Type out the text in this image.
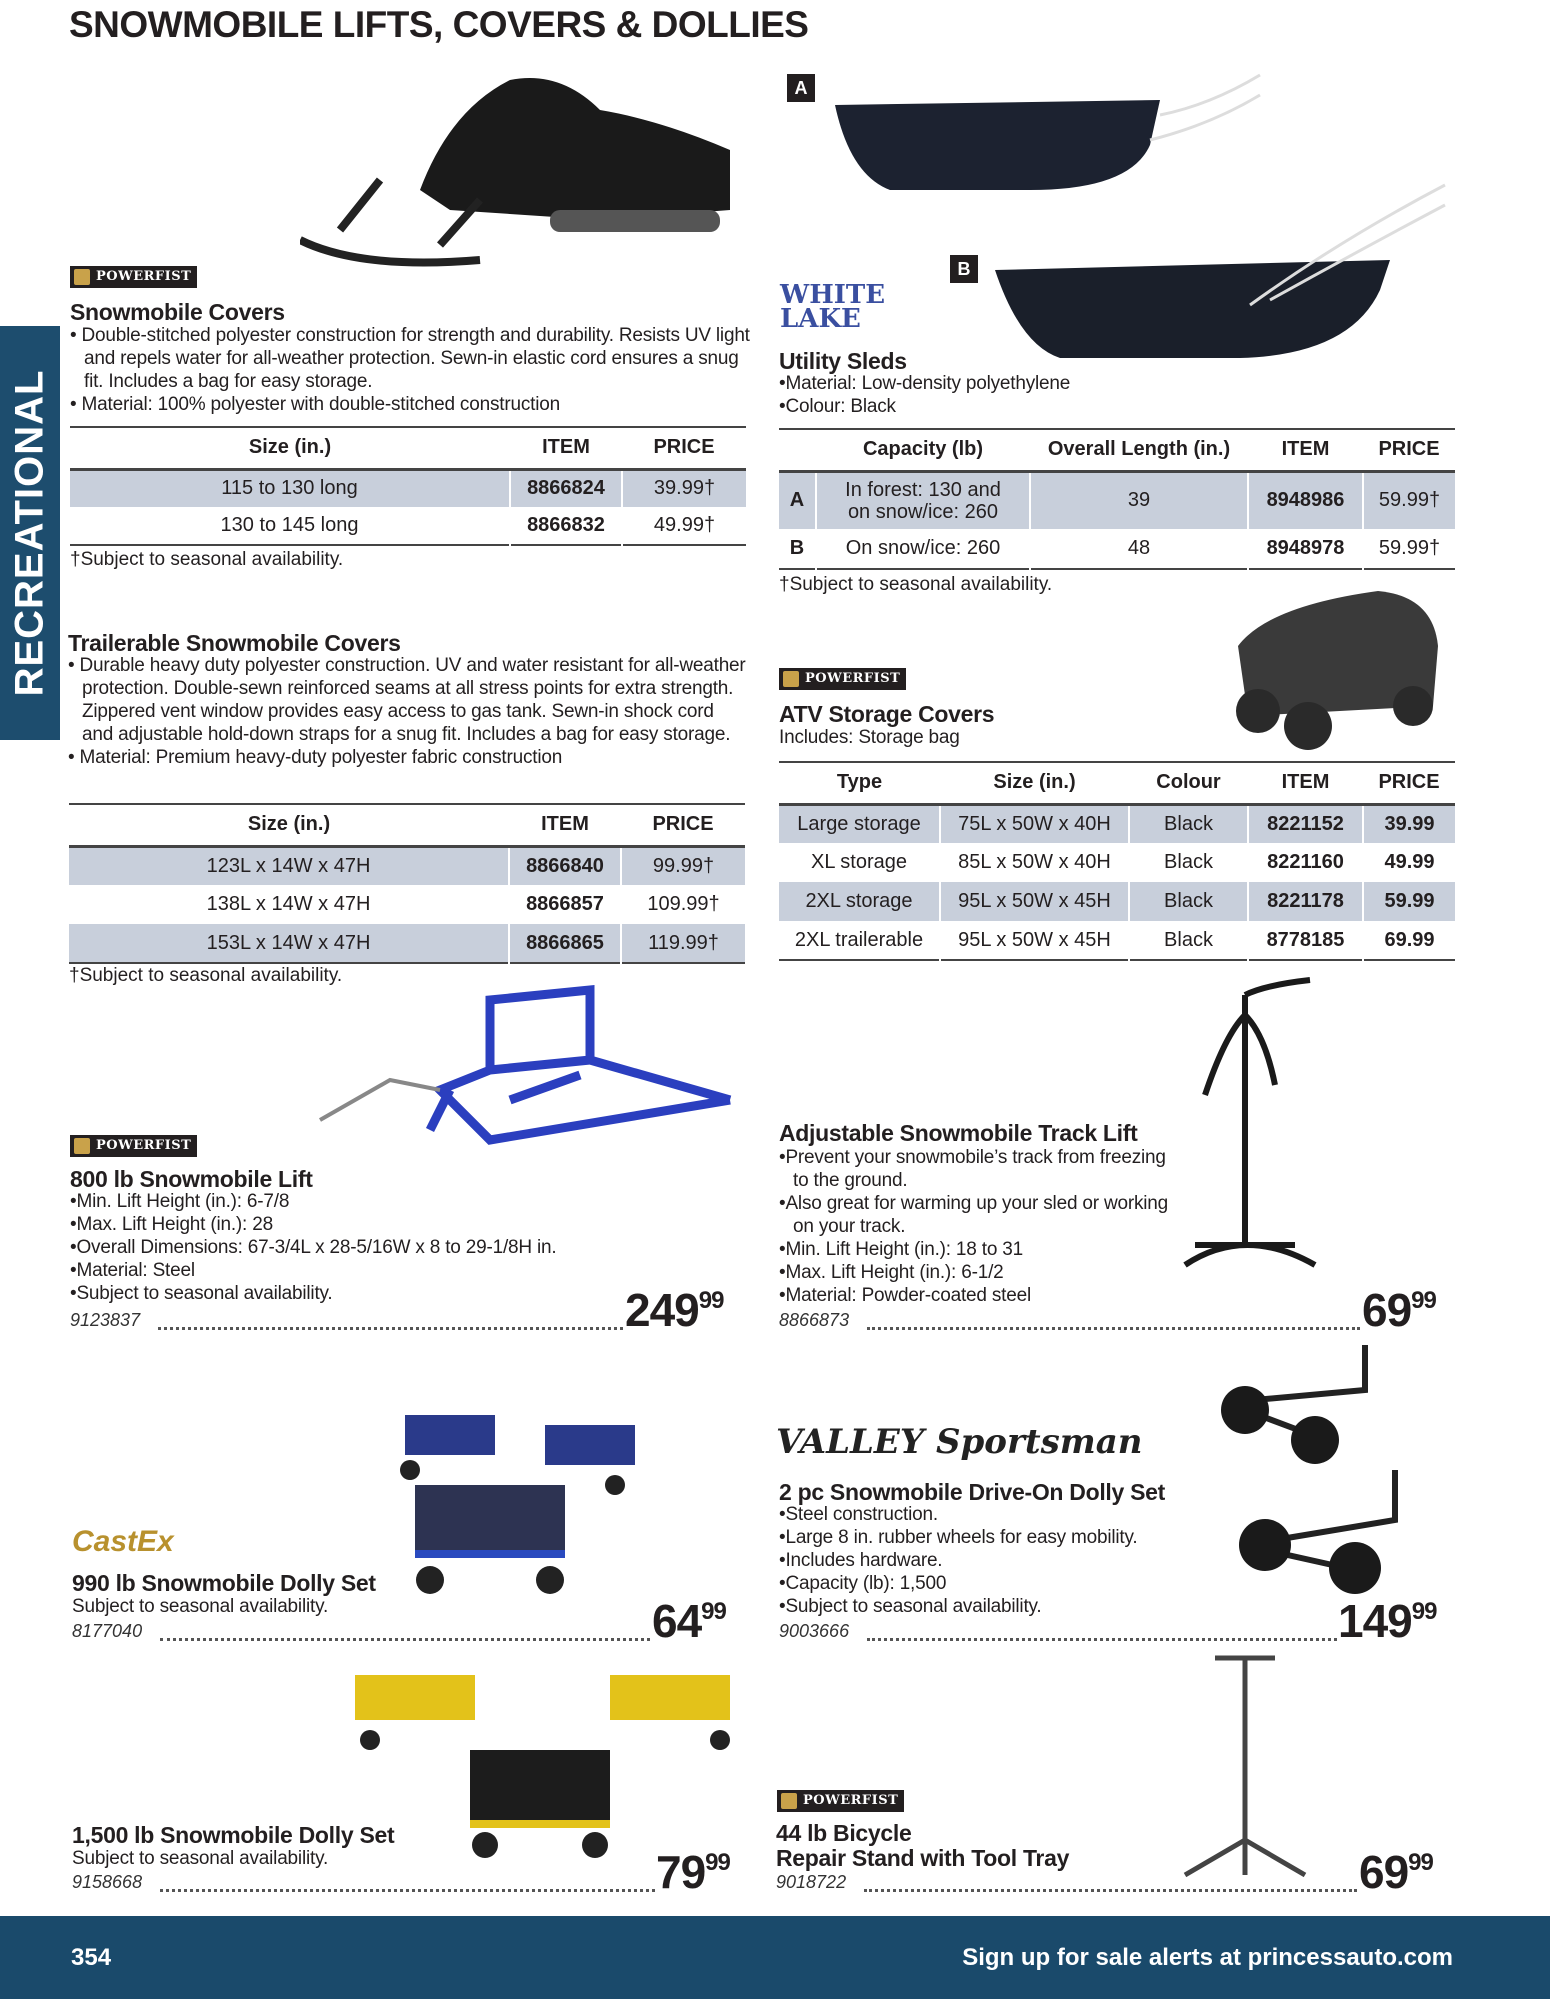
SNOWMOBILE LIFTS, COVERS & DOLLIES
RECREATIONAL
POWERFIST
Snowmobile Covers
• Double-stitched polyester construction for strength and durability. Resists UV light and repels water for all-weather protection. Sewn-in elastic cord ensures a snug fit. Includes a bag for easy storage.
• Material: 100% polyester with double-stitched construction
Size (in.)	ITEM	PRICE
115 to 130 long	8866824	39.99†
130 to 145 long	8866832	49.99†
†Subject to seasonal availability.
Trailerable Snowmobile Covers
• Durable heavy duty polyester construction. UV and water resistant for all-weather protection. Double-sewn reinforced seams at all stress points for extra strength. Zippered vent window provides easy access to gas tank. Sewn-in shock cord and adjustable hold-down straps for a snug fit. Includes a bag for easy storage.
• Material: Premium heavy-duty polyester fabric construction
Size (in.)	ITEM	PRICE
123L x 14W x 47H	8866840	99.99†
138L x 14W x 47H	8866857	109.99†
153L x 14W x 47H	8866865	119.99†
†Subject to seasonal availability.
A
B
WHITE LAKE
Utility Sleds
•Material: Low-density polyethylene
•Colour: Black
	Capacity (lb)	Overall Length (in.)	ITEM	PRICE
A	In forest: 130 and on snow/ice: 260	39	8948986	59.99†
B	On snow/ice: 260	48	8948978	59.99†
†Subject to seasonal availability.
POWERFIST
ATV Storage Covers
Includes: Storage bag
Type	Size (in.)	Colour	ITEM	PRICE
Large storage	75L x 50W x 40H	Black	8221152	39.99
XL storage	85L x 50W x 40H	Black	8221160	49.99
2XL storage	95L x 50W x 45H	Black	8221178	59.99
2XL trailerable	95L x 50W x 45H	Black	8778185	69.99
POWERFIST
800 lb Snowmobile Lift
•Min. Lift Height (in.): 6-7/8
•Max. Lift Height (in.): 28
•Overall Dimensions: 67-3/4L x 28-5/16W x 8 to 29-1/8H in.
•Material: Steel
•Subject to seasonal availability.
9123837	$249^{99}$
Adjustable Snowmobile Track Lift
•Prevent your snowmobile’s track from freezing to the ground.
•Also great for warming up your sled or working on your track.
•Min. Lift Height (in.): 18 to 31
•Max. Lift Height (in.): 6-1/2
•Material: Powder-coated steel
8866873	$69^{99}$
CastEx
990 lb Snowmobile Dolly Set
Subject to seasonal availability.
8177040	$64^{99}$
VALLEY Sportsman
2 pc Snowmobile Drive-On Dolly Set
•Steel construction.
•Large 8 in. rubber wheels for easy mobility.
•Includes hardware.
•Capacity (lb): 1,500
•Subject to seasonal availability.
9003666	$149^{99}$
1,500 lb Snowmobile Dolly Set
Subject to seasonal availability.
9158668	$79^{99}$
POWERFIST
44 lb Bicycle
Repair Stand with Tool Tray
9018722	$69^{99}$
354	Sign up for sale alerts at princessauto.com
